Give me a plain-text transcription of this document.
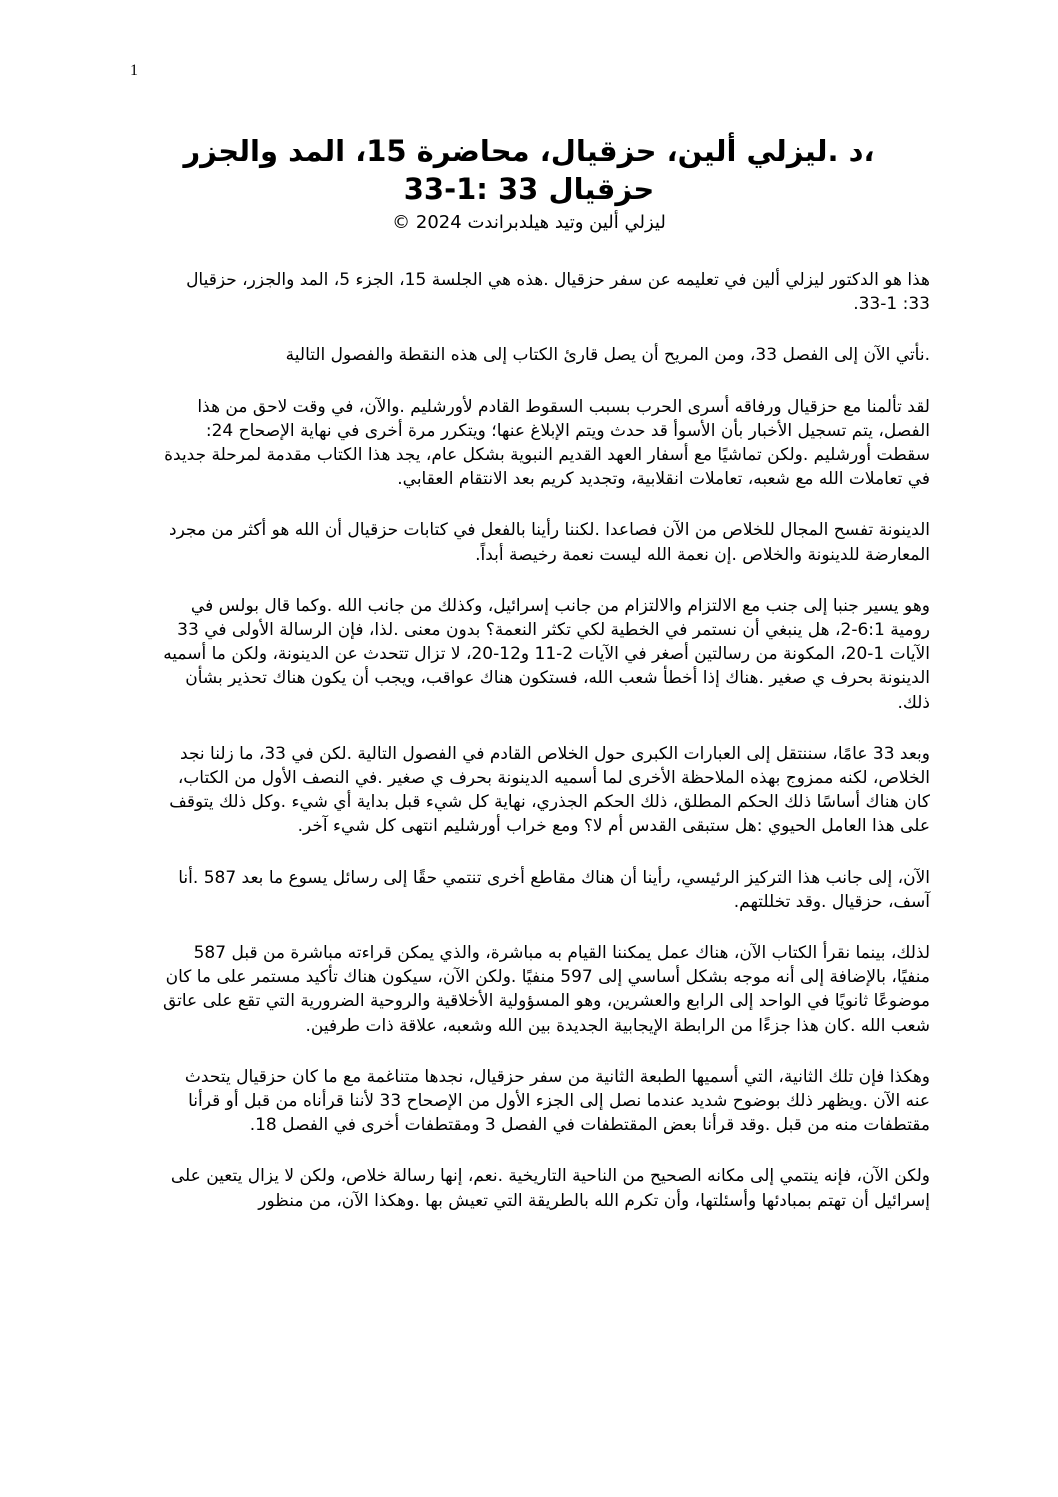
1
،د .ليزلي ألين، حزقيال، محاضرة 15، المد والجزر
حزقيال 33 :1-33
ليزلي ألين وتيد هيلدبراندت 2024 ©

هذا هو الدكتور ليزلي ألين في تعليمه عن سفر حزقيال .هذه هي الجلسة 15، الجزء 5، المد والجزر، حزقيال 33: 1-33.

.نأتي الآن إلى الفصل 33، ومن المريح أن يصل قارئ الكتاب إلى هذه النقطة والفصول التالية

لقد تألمنا مع حزقيال ورفاقه أسرى الحرب بسبب السقوط القادم لأورشليم .والآن، في وقت لاحق من هذا الفصل، يتم تسجيل الأخبار بأن الأسوأ قد حدث ويتم الإبلاغ عنها؛ ويتكرر مرة أخرى في نهاية الإصحاح 24: سقطت أورشليم .ولكن تماشيًا مع أسفار العهد القديم النبوية بشكل عام، يجد هذا الكتاب مقدمة لمرحلة جديدة في تعاملات الله مع شعبه، تعاملات انقلابية، وتجديد كريم بعد الانتقام العقابي.

الدينونة تفسح المجال للخلاص من الآن فصاعدا .لكننا رأينا بالفعل في كتابات حزقيال أن الله هو أكثر من مجرد المعارضة للدينونة والخلاص .إن نعمة الله ليست نعمة رخيصة أبداً.

وهو يسير جنبا إلى جنب مع الالتزام والالتزام من جانب إسرائيل، وكذلك من جانب الله .وكما قال بولس في رومية 6:1-2، هل ينبغي أن نستمر في الخطية لكي تكثر النعمة؟ بدون معنى .لذا، فإن الرسالة الأولى في 33 الآيات 1-20، المكونة من رسالتين أصغر في الآيات 2-11 و12-20، لا تزال تتحدث عن الدينونة، ولكن ما أسميه الدينونة بحرف ي صغير .هناك إذا أخطأ شعب الله، فستكون هناك عواقب، ويجب أن يكون هناك تحذير بشأن ذلك.

وبعد 33 عامًا، سننتقل إلى العبارات الكبرى حول الخلاص القادم في الفصول التالية .لكن في 33، ما زلنا نجد الخلاص، لكنه ممزوج بهذه الملاحظة الأخرى لما أسميه الدينونة بحرف ي صغير .في النصف الأول من الكتاب، كان هناك أساسًا ذلك الحكم المطلق، ذلك الحكم الجذري، نهاية كل شيء قبل بداية أي شيء .وكل ذلك يتوقف على هذا العامل الحيوي :هل ستبقى القدس أم لا؟ ومع خراب أورشليم انتهى كل شيء آخر.

الآن، إلى جانب هذا التركيز الرئيسي، رأينا أن هناك مقاطع أخرى تنتمي حقًا إلى رسائل يسوع ما بعد 587 .أنا آسف، حزقيال .وقد تخللتهم.

لذلك، بينما نقرأ الكتاب الآن، هناك عمل يمكننا القيام به مباشرة، والذي يمكن قراءته مباشرة من قبل 587 منفيًا، بالإضافة إلى أنه موجه بشكل أساسي إلى 597 منفيًا .ولكن الآن، سيكون هناك تأكيد مستمر على ما كان موضوعًا ثانويًا في الواحد إلى الرابع والعشرين، وهو المسؤولية الأخلاقية والروحية الضرورية التي تقع على عاتق شعب الله .كان هذا جزءًا من الرابطة الإيجابية الجديدة بين الله وشعبه، علاقة ذات طرفين.

وهكذا فإن تلك الثانية، التي أسميها الطبعة الثانية من سفر حزقيال، نجدها متناغمة مع ما كان حزقيال يتحدث عنه الآن .ويظهر ذلك بوضوح شديد عندما نصل إلى الجزء الأول من الإصحاح 33 لأننا قرأناه من قبل أو قرأنا مقتطفات منه من قبل .وقد قرأنا بعض المقتطفات في الفصل 3 ومقتطفات أخرى في الفصل 18.

ولكن الآن، فإنه ينتمي إلى مكانه الصحيح من الناحية التاريخية .نعم، إنها رسالة خلاص، ولكن لا يزال يتعين على إسرائيل أن تهتم بمبادئها وأسئلتها، وأن تكرم الله بالطريقة التي تعيش بها .وهكذا الآن، من منظور
